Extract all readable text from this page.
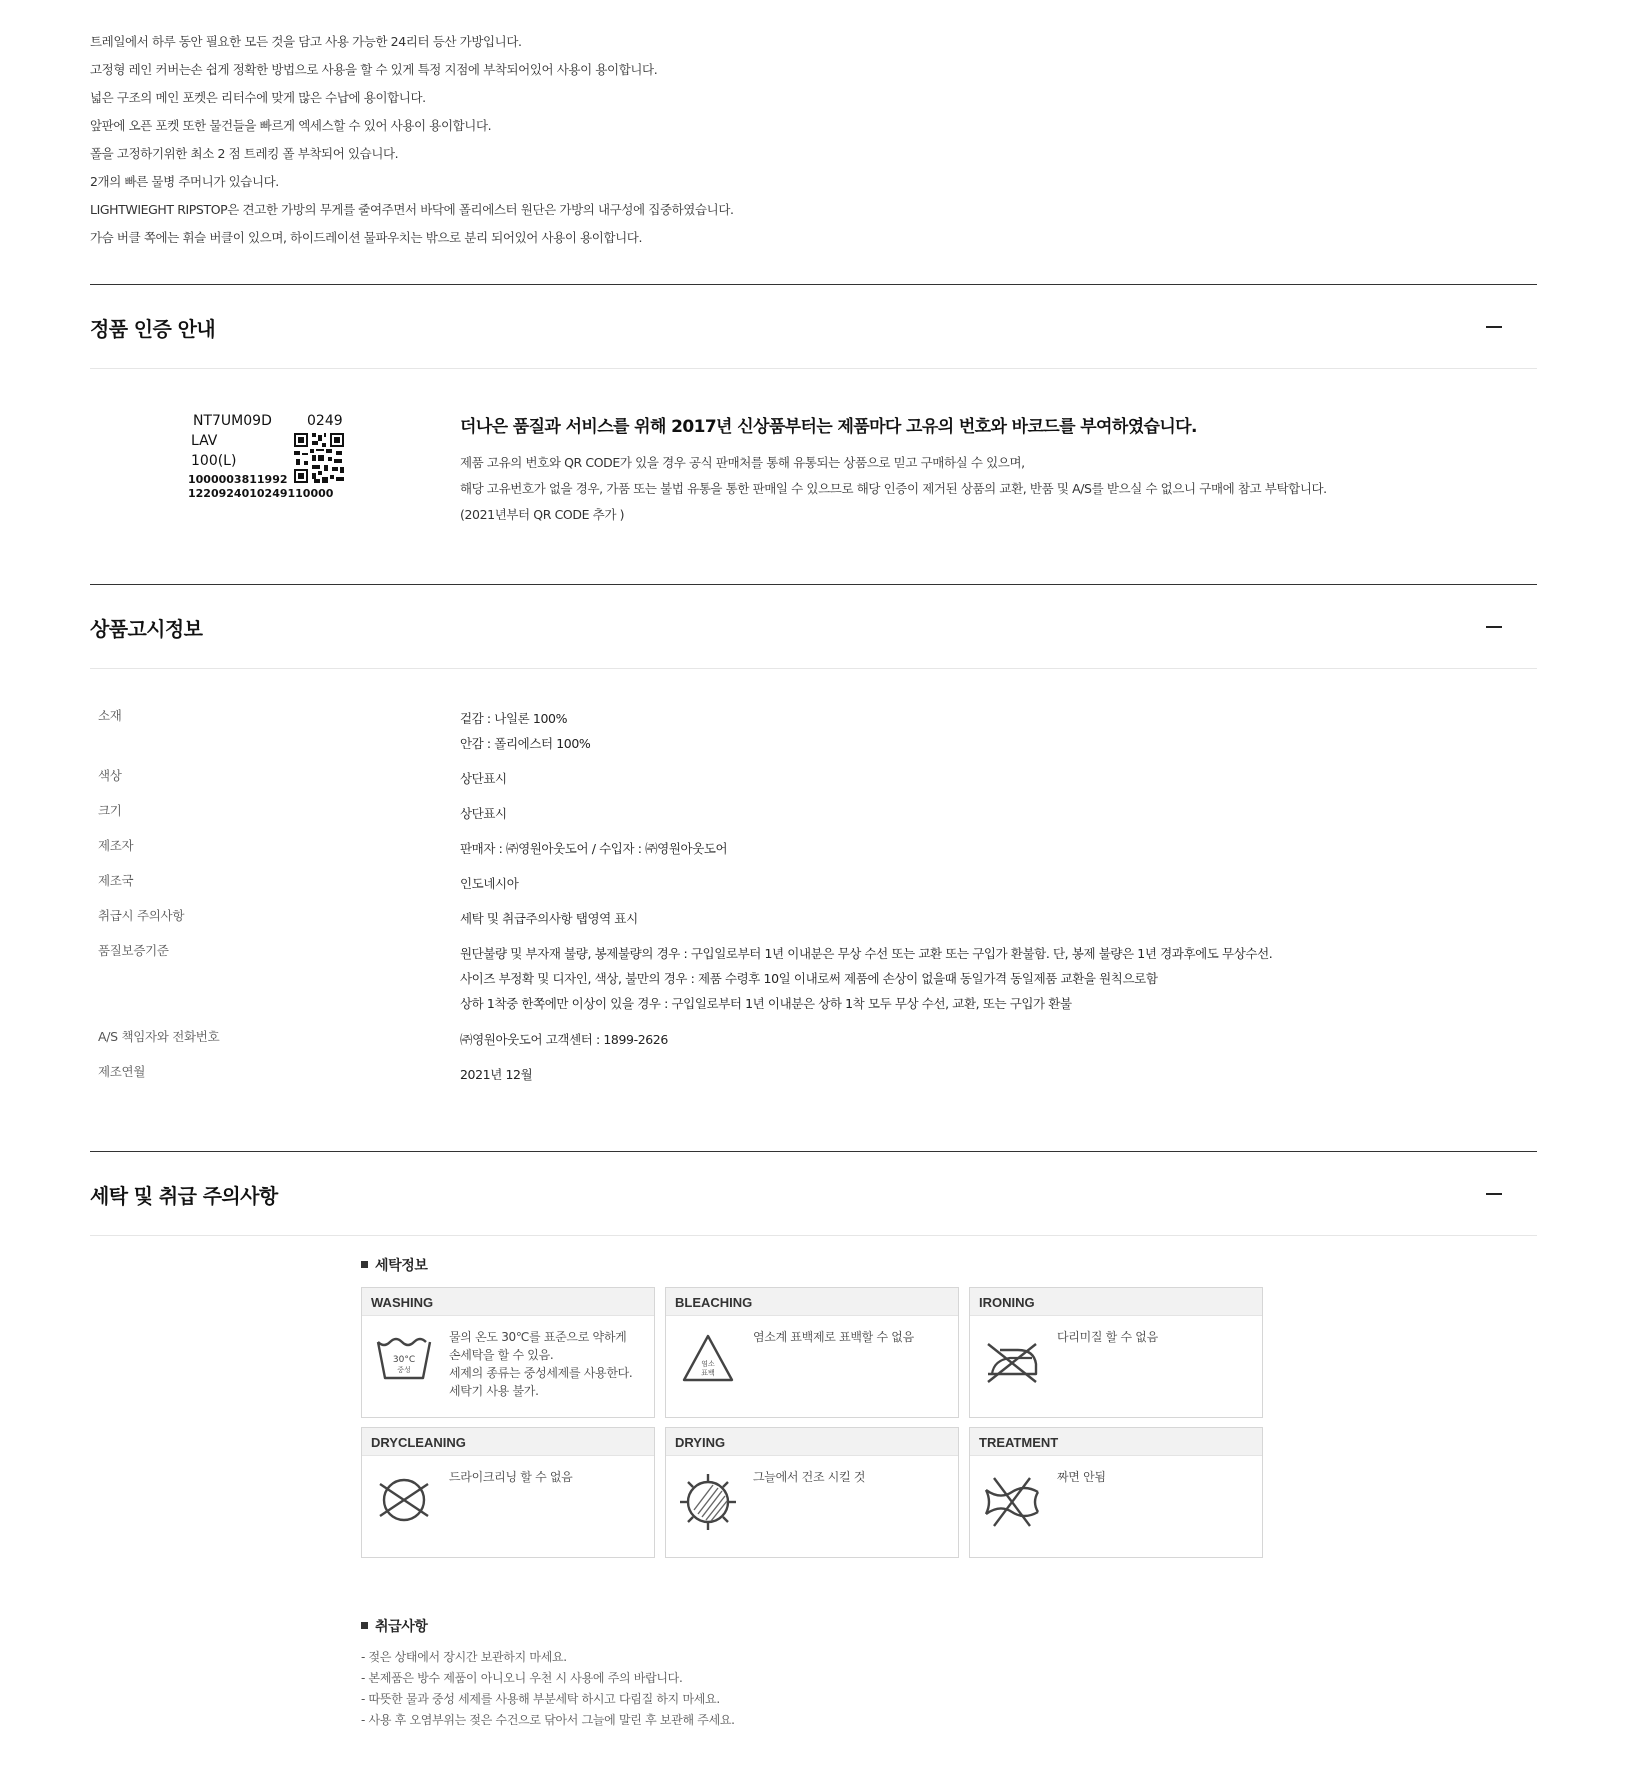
트레일에서 하루 동안 필요한 모든 것을 담고 사용 가능한 24리터 등산 가방입니다.

고정형 레인 커버는손 쉽게 정확한 방법으로 사용을 할 수 있게 특정 지점에 부착되어있어 사용이 용이합니다.

넓은 구조의 메인 포켓은 리터수에 맞게 많은 수납에 용이합니다.

앞판에 오픈 포켓 또한 물건들을 빠르게 엑세스할 수 있어 사용이 용이합니다.

폴을 고정하기위한 최소 2 점 트레킹 폴 부착되어 있습니다.

2개의 빠른 물병 주머니가 있습니다.

LIGHTWIEGHT RIPSTOP은 견고한 가방의 무게를 줄여주면서 바닥에 폴리에스터 원단은 가방의 내구성에 집중하였습니다.

가슴 버클 쪽에는 휘슬 버클이 있으며, 하이드레이션 물파우치는 밖으로 분리 되어있어 사용이 용이합니다.

정품 인증 안내
NT7UM09D	0249
LAV
100(L)
1000003811992
1220924010249110000
더나은 품질과 서비스를 위해 2017년 신상품부터는 제품마다 고유의 번호와 바코드를 부여하였습니다.

제품 고유의 번호와 QR CODE가 있을 경우 공식 판매처를 통해 유통되는 상품으로 믿고 구매하실 수 있으며,

해당 고유번호가 없을 경우, 가품 또는 불법 유통을 통한 판매일 수 있으므로 해당 인증이 제거된 상품의 교환, 반품 및 A/S를 받으실 수 없으니 구매에 참고 부탁합니다.

(2021년부터 QR CODE 추가 )

상품고시정보
소재	겉감 : 나일론 100%
안감 : 폴리에스터 100%
색상	상단표시
크기	상단표시
제조자	판매자 : ㈜영원아웃도어 / 수입자 : ㈜영원아웃도어
제조국	인도네시아
취급시 주의사항	세탁 및 취급주의사항 탭영역 표시
품질보증기준	원단불량 및 부자재 불량, 봉제불량의 경우 : 구입일로부터 1년 이내분은 무상 수선 또는 교환 또는 구입가 환불함. 단, 봉제 불량은 1년 경과후에도 무상수선.
사이즈 부정확 및 디자인, 색상, 불만의 경우 : 제품 수령후 10일 이내로써 제품에 손상이 없을때 동일가격 동일제품 교환을 원칙으로함
상하 1착중 한쪽에만 이상이 있을 경우 : 구입일로부터 1년 이내분은 상하 1착 모두 무상 수선, 교환, 또는 구입가 환불
A/S 책임자와 전화번호	㈜영원아웃도어 고객센터 : 1899-2626
제조연월	2021년 12월
세탁 및 취급 주의사항
세탁정보
WASHING
30°C
중성
물의 온도 30℃를 표준으로 약하게
손세탁을 할 수 있음.
세제의 종류는 중성세제를 사용한다.
세탁기 사용 불가.
BLEACHING
염소
표백
염소계 표백제로 표백할 수 없음
IRONING
다리미질 할 수 없음
DRYCLEANING
드라이크리닝 할 수 없음
DRYING
그늘에서 건조 시킬 것
TREATMENT
짜면 안됨
취급사항
- 젖은 상태에서 장시간 보관하지 마세요.
- 본제품은 방수 제품이 아니오니 우천 시 사용에 주의 바랍니다.
- 따뜻한 물과 중성 세제를 사용해 부분세탁 하시고 다림질 하지 마세요.
- 사용 후 오염부위는 젖은 수건으로 닦아서 그늘에 말린 후 보관해 주세요.
